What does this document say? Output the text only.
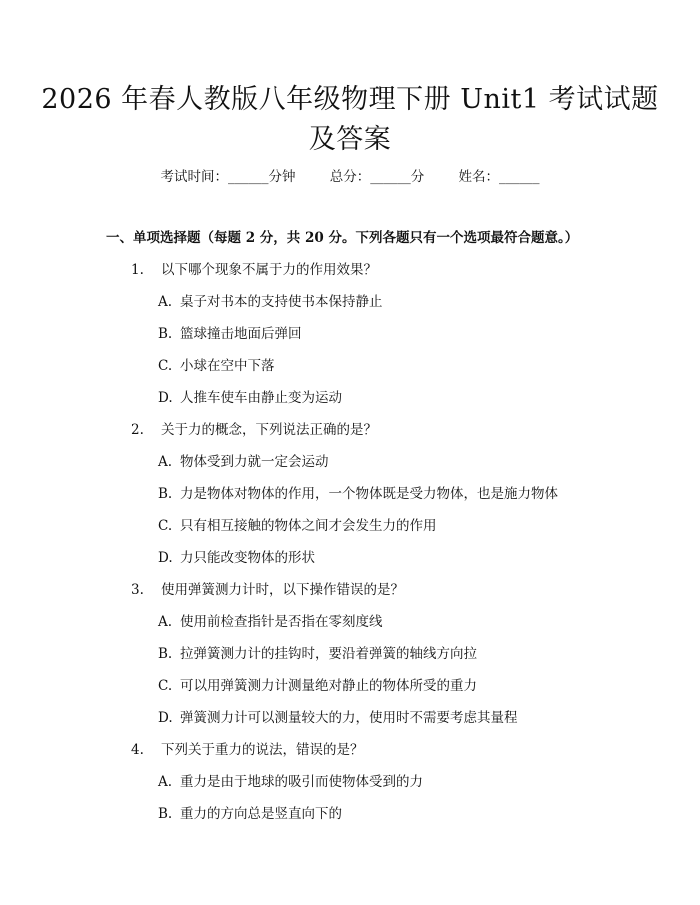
2026 年春人教版八年级物理下册 Unit1 考试试题及答案
考试时间：______分钟	总分：______分	姓名：______
一、单项选择题（每题 2 分，共 20 分。下列各题只有一个选项最符合题意。）
1. 以下哪个现象不属于力的作用效果？
A. 桌子对书本的支持使书本保持静止
B. 篮球撞击地面后弹回
C. 小球在空中下落
D. 人推车使车由静止变为运动
2. 关于力的概念，下列说法正确的是？
A. 物体受到力就一定会运动
B. 力是物体对物体的作用，一个物体既是受力物体，也是施力物体
C. 只有相互接触的物体之间才会发生力的作用
D. 力只能改变物体的形状
3. 使用弹簧测力计时，以下操作错误的是？
A. 使用前检查指针是否指在零刻度线
B. 拉弹簧测力计的挂钩时，要沿着弹簧的轴线方向拉
C. 可以用弹簧测力计测量绝对静止的物体所受的重力
D. 弹簧测力计可以测量较大的力，使用时不需要考虑其量程
4. 下列关于重力的说法，错误的是？
A. 重力是由于地球的吸引而使物体受到的力
B. 重力的方向总是竖直向下的
